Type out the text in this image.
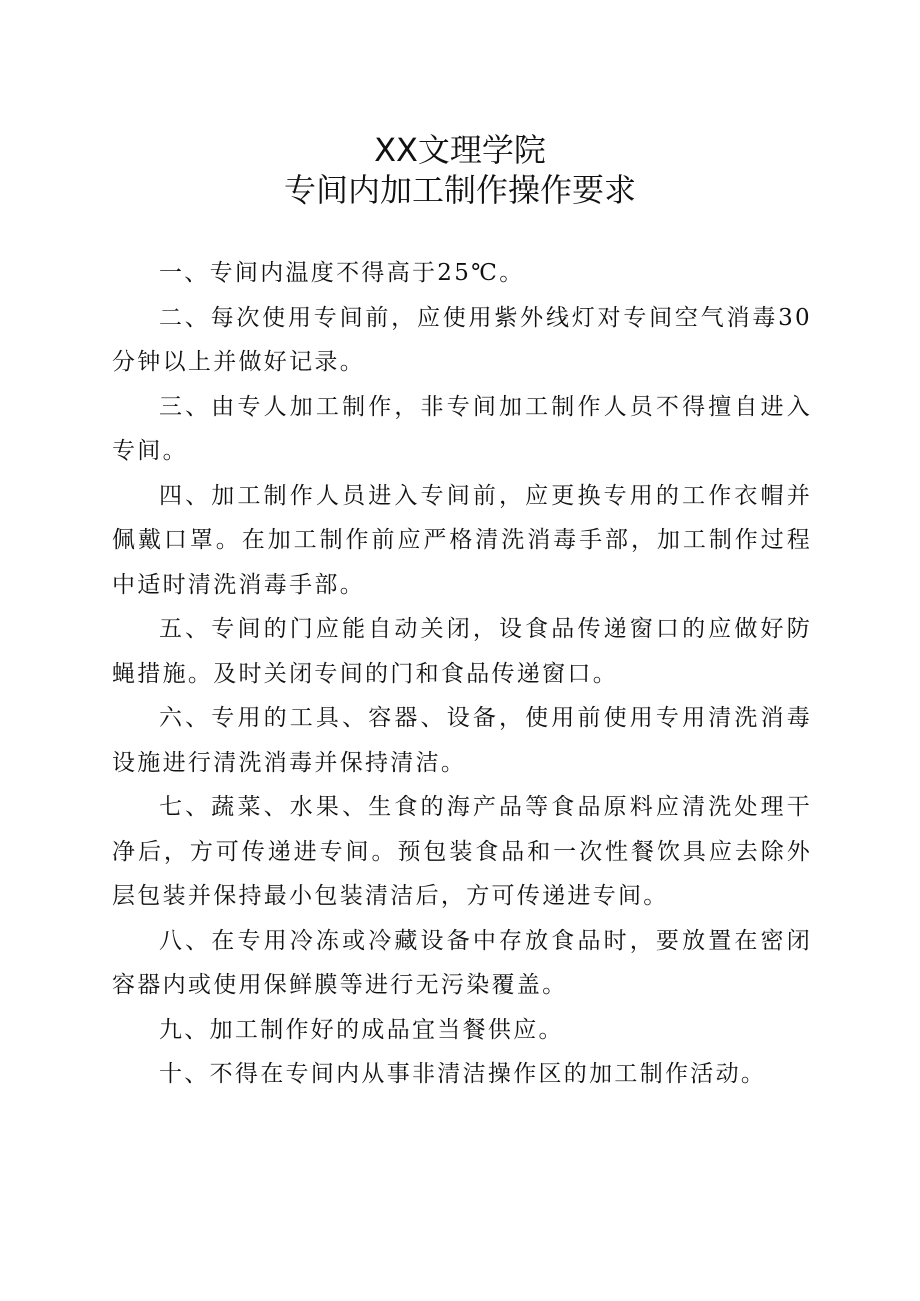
XX文理学院
专间内加工制作操作要求

一、专间内温度不得高于25℃。

二、每次使用专间前，应使用紫外线灯对专间空气消毒30分钟以上并做好记录。

三、由专人加工制作，非专间加工制作人员不得擅自进入专间。

四、加工制作人员进入专间前，应更换专用的工作衣帽并佩戴口罩。在加工制作前应严格清洗消毒手部，加工制作过程中适时清洗消毒手部。

五、专间的门应能自动关闭，设食品传递窗口的应做好防蝇措施。及时关闭专间的门和食品传递窗口。

六、专用的工具、容器、设备，使用前使用专用清洗消毒设施进行清洗消毒并保持清洁。

七、蔬菜、水果、生食的海产品等食品原料应清洗处理干净后，方可传递进专间。预包装食品和一次性餐饮具应去除外层包装并保持最小包装清洁后，方可传递进专间。

八、在专用冷冻或冷藏设备中存放食品时，要放置在密闭容器内或使用保鲜膜等进行无污染覆盖。

九、加工制作好的成品宜当餐供应。

十、不得在专间内从事非清洁操作区的加工制作活动。
